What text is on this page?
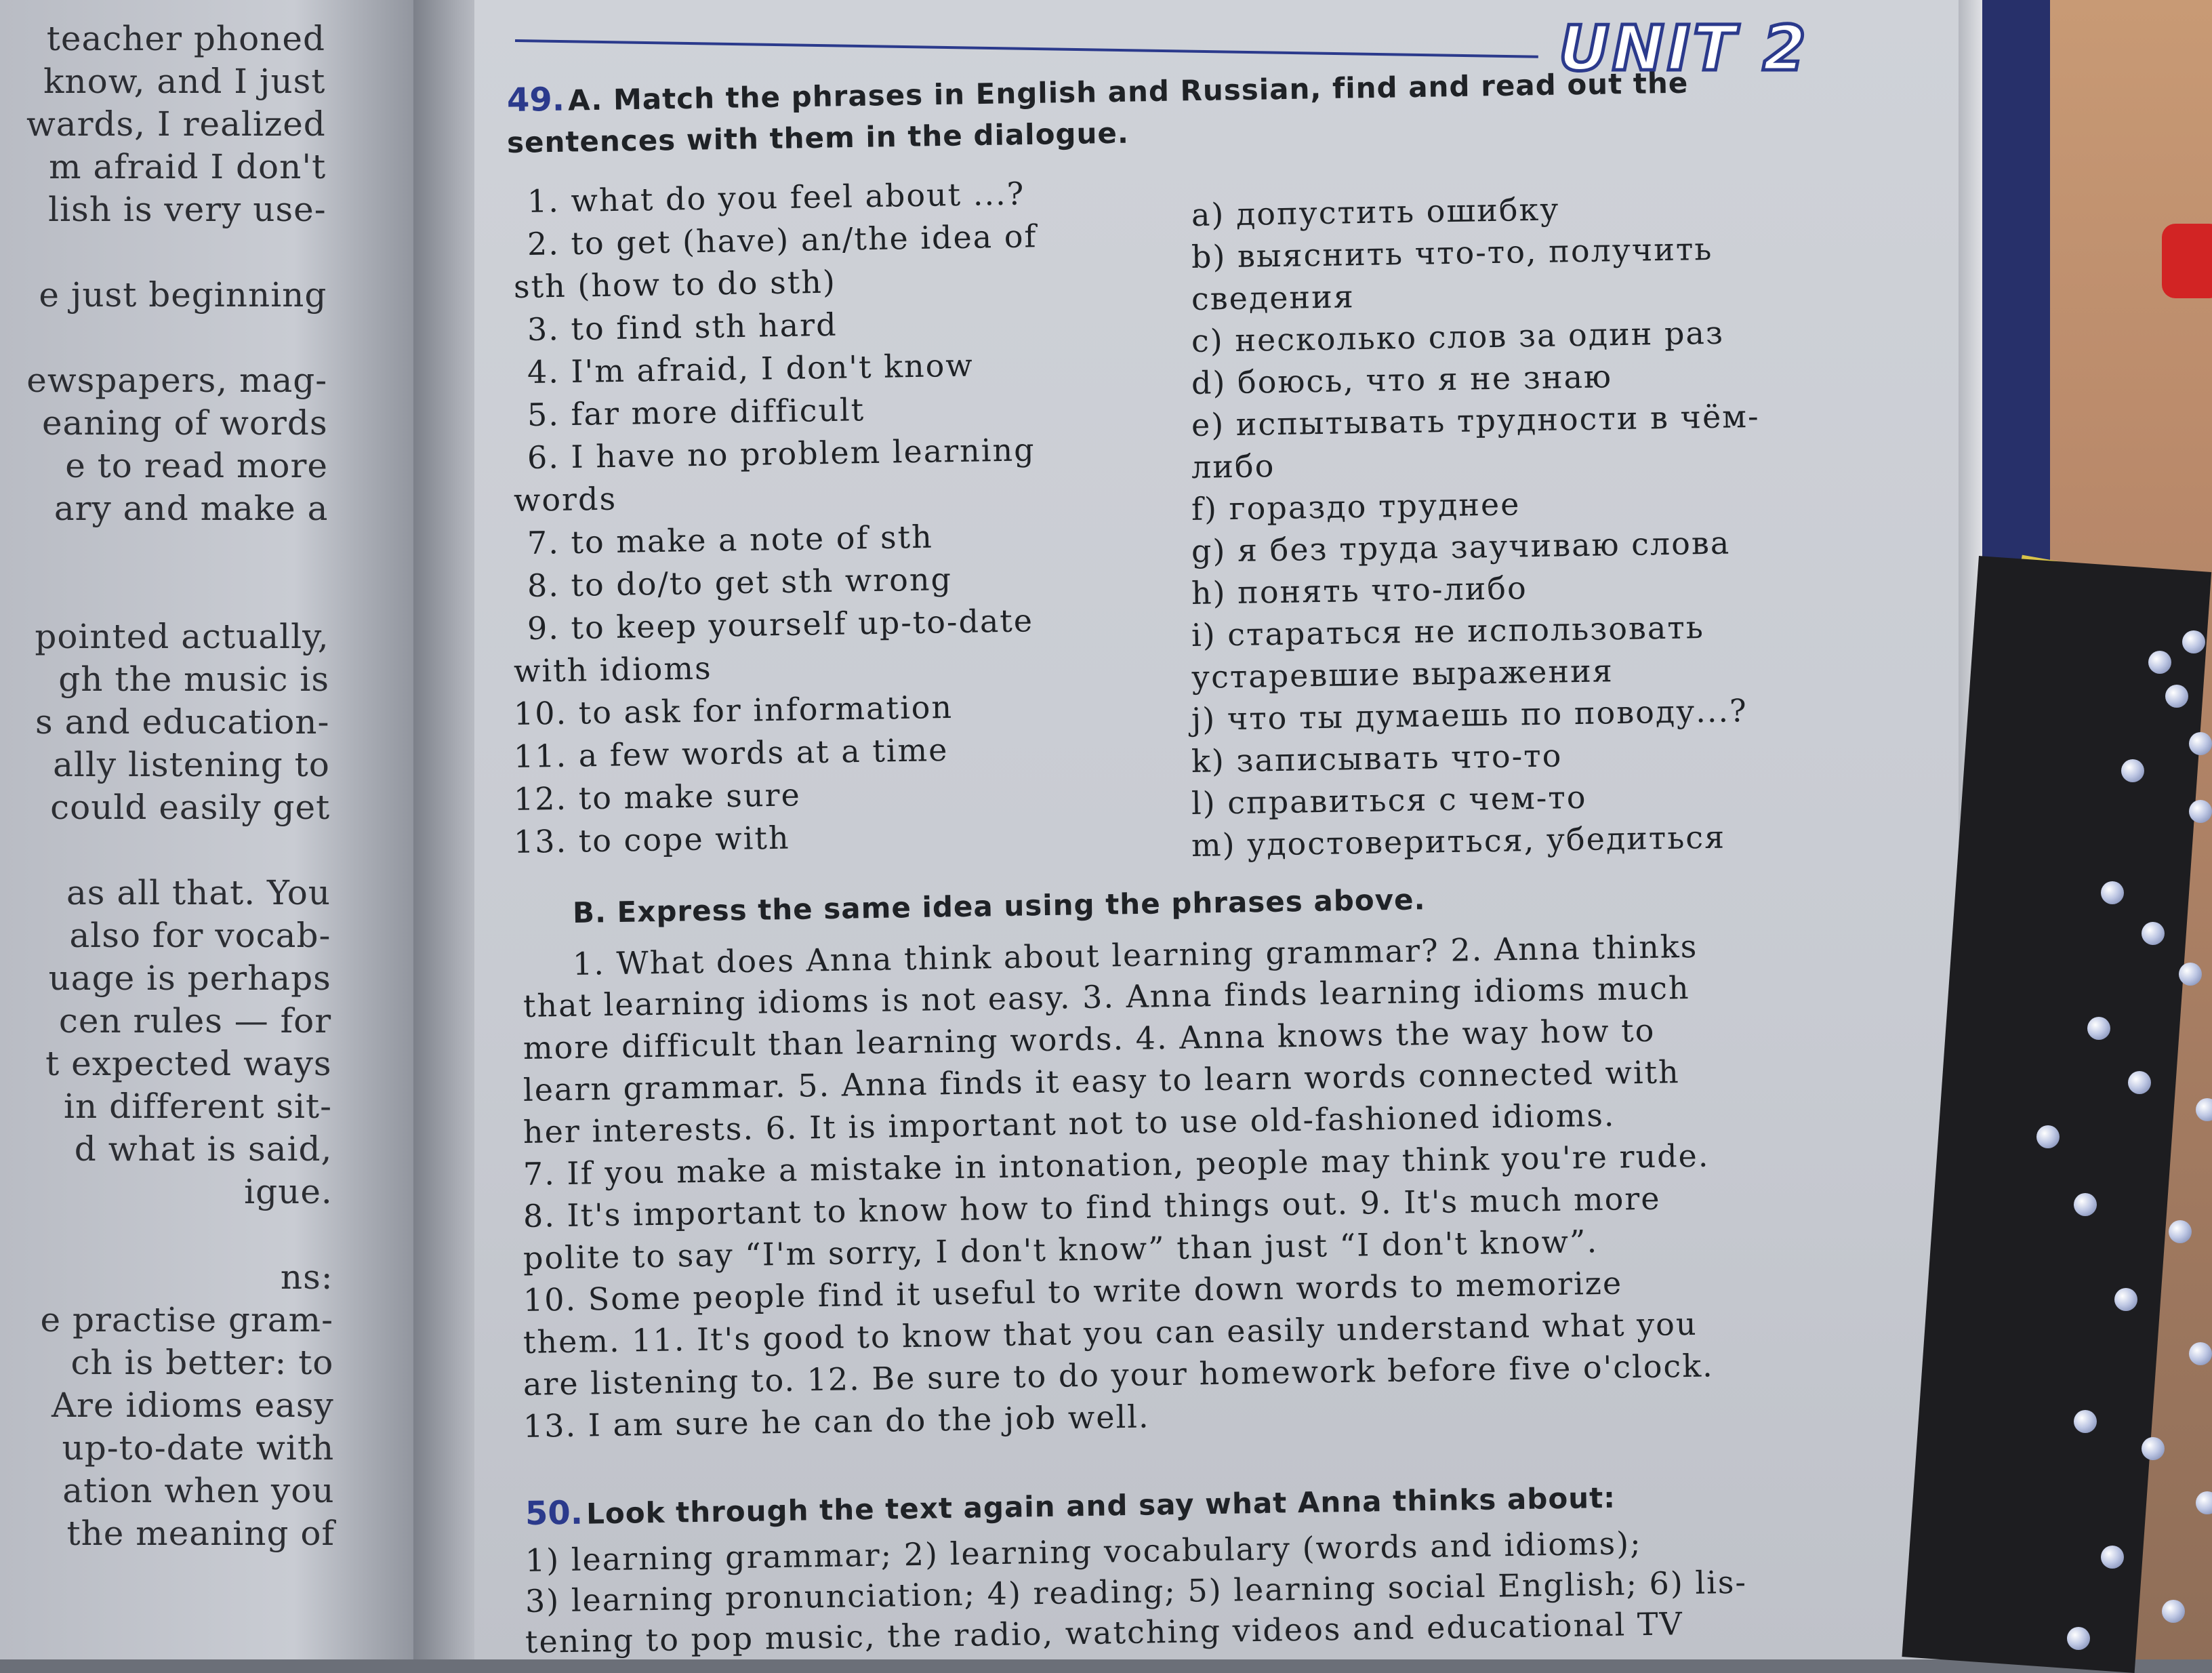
teacher phoned
know, and I just
wards, I realized
m afraid I don't
lish is very use-
e just beginning
ewspapers, mag-
eaning of words
e to read more
ary and make a
pointed actually,
gh the music is
s and education-
ally listening to
could easily get
as all that. You
also for vocab-
uage is perhaps
cen rules — for
t expected ways
in different sit-
d what is said,
igue.
ns:
e practise gram-
ch is better: to
Are idioms easy
up-to-date with
ation when you
the meaning of
UNIT 2
49. A. Match the phrases in English and Russian, find and read out the
sentences with them in the dialogue.
B. Express the same idea using the phrases above.
50. Look through the text again and say what Anna thinks about:
1. what do you feel about ...?
2. to get (have) an/the idea of
sth (how to do sth)
3. to find sth hard
4. I'm afraid, I don't know
5. far more difficult
6. I have no problem learning
words
7. to make a note of sth
8. to do/to get sth wrong
9. to keep yourself up-to-date
with idioms
10. to ask for information
11. a few words at a time
12. to make sure
13. to cope with
a) допустить ошибку
b) выяснить что-то, получить
сведения
c) несколько слов за один раз
d) боюсь, что я не знаю
e) испытывать трудности в чём-
либо
f) гораздо труднее
g) я без труда заучиваю слова
h) понять что-либо
i) стараться не использовать
устаревшие выражения
j) что ты думаешь по поводу...?
k) записывать что-то
l) справиться с чем-то
m) удостовериться, убедиться
1. What does Anna think about learning grammar? 2. Anna thinks
that learning idioms is not easy. 3. Anna finds learning idioms much
more difficult than learning words. 4. Anna knows the way how to
learn grammar. 5. Anna finds it easy to learn words connected with
her interests. 6. It is important not to use old-fashioned idioms.
7. If you make a mistake in intonation, people may think you're rude.
8. It's important to know how to find things out. 9. It's much more
polite to say “I'm sorry, I don't know” than just “I don't know”.
10. Some people find it useful to write down words to memorize
them. 11. It's good to know that you can easily understand what you
are listening to. 12. Be sure to do your homework before five o'clock.
13. I am sure he can do the job well.
1) learning grammar; 2) learning vocabulary (words and idioms);
3) learning pronunciation; 4) reading; 5) learning social English; 6) lis-
tening to pop music, the radio, watching videos and educational TV
